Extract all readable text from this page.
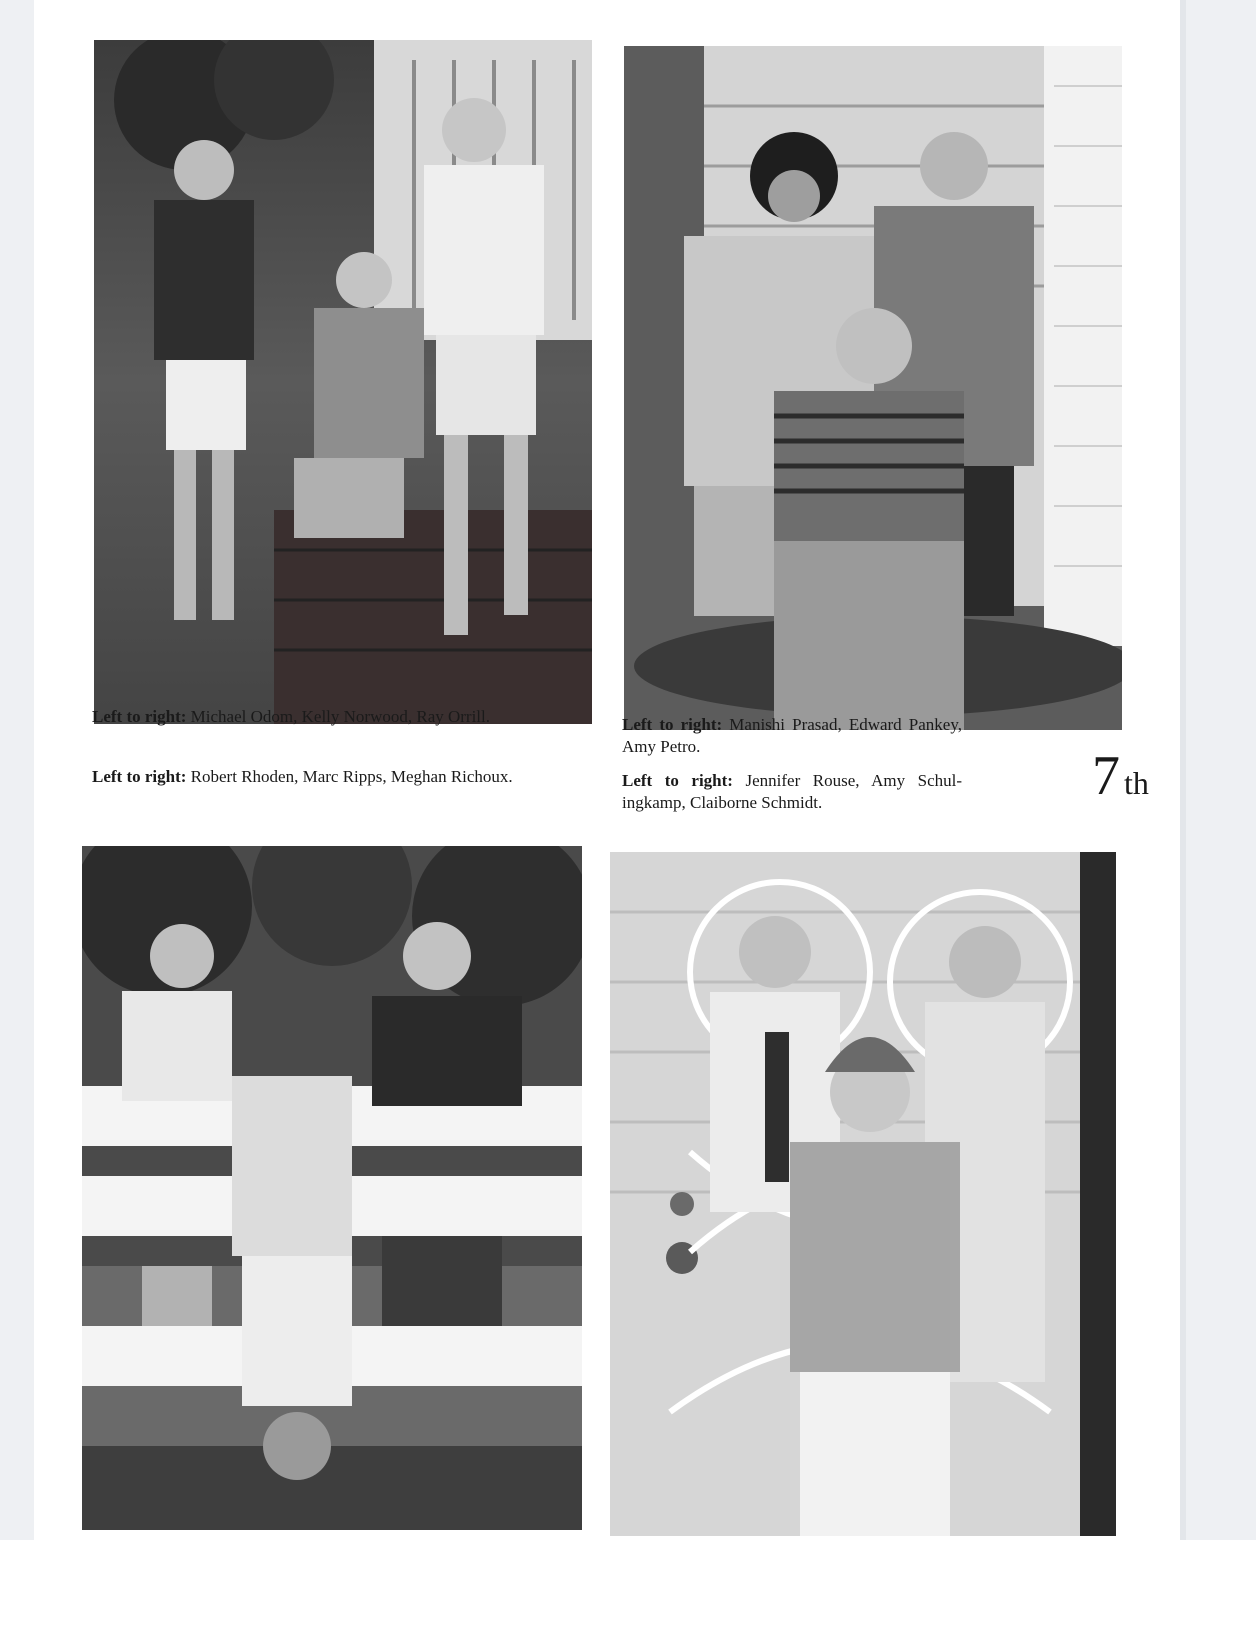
Left to right: Michael Odom, Kelly Norwood, Ray Orrill.	Left to right: Manishi Prasad, Edward Pankey, Amy Petro.

Left to right: Robert Rhoden, Marc Ripps, Meghan Richoux.	Left to right: Jennifer Rouse, Amy Schul-ingkamp, Claiborne Schmidt.	7 th
